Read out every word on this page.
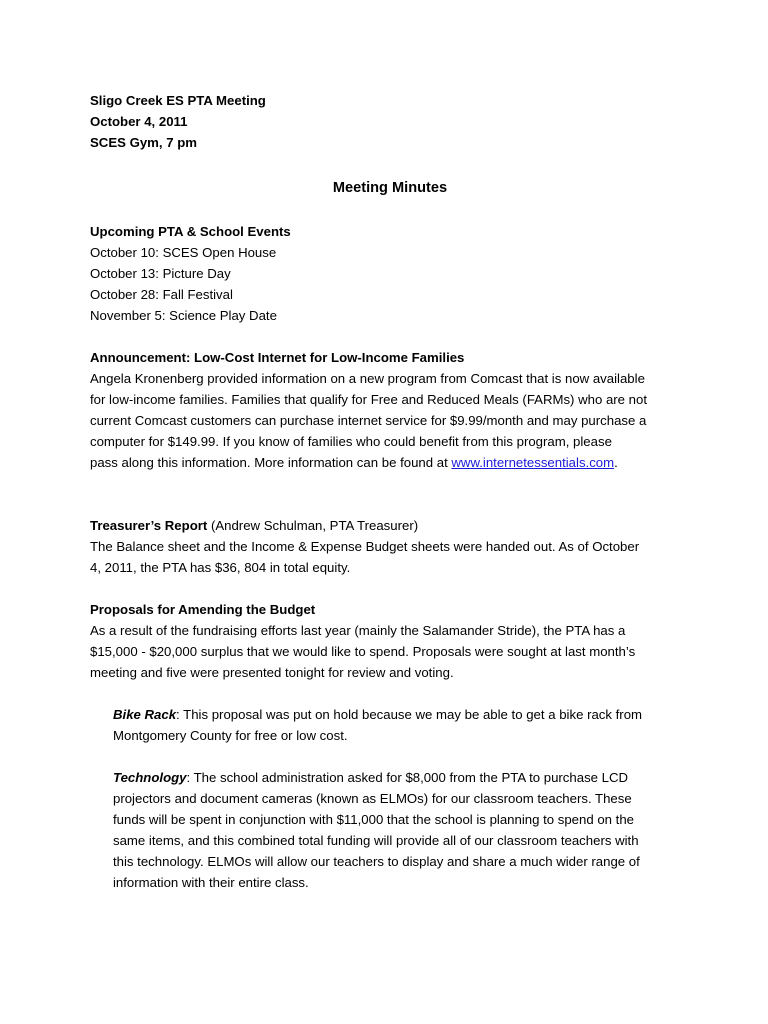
Sligo Creek ES PTA Meeting
October 4, 2011
SCES Gym, 7 pm
Meeting Minutes
Upcoming PTA & School Events
October 10: SCES Open House
October 13: Picture Day
October 28: Fall Festival
November 5: Science Play Date
Announcement: Low-Cost Internet for Low-Income Families
Angela Kronenberg provided information on a new program from Comcast that is now available
for low-income families. Families that qualify for Free and Reduced Meals (FARMs) who are not
current Comcast customers can purchase internet service for $9.99/month and may purchase a
computer for $149.99. If you know of families who could benefit from this program, please
pass along this information. More information can be found at www.internetessentials.com.
Treasurer’s Report (Andrew Schulman, PTA Treasurer)
The Balance sheet and the Income & Expense Budget sheets were handed out. As of October
4, 2011, the PTA has $36, 804 in total equity.
Proposals for Amending the Budget
As a result of the fundraising efforts last year (mainly the Salamander Stride), the PTA has a
$15,000 - $20,000 surplus that we would like to spend. Proposals were sought at last month’s
meeting and five were presented tonight for review and voting.
Bike Rack: This proposal was put on hold because we may be able to get a bike rack from
Montgomery County for free or low cost.
Technology: The school administration asked for $8,000 from the PTA to purchase LCD
projectors and document cameras (known as ELMOs) for our classroom teachers. These
funds will be spent in conjunction with $11,000 that the school is planning to spend on the
same items, and this combined total funding will provide all of our classroom teachers with
this technology. ELMOs will allow our teachers to display and share a much wider range of
information with their entire class.
